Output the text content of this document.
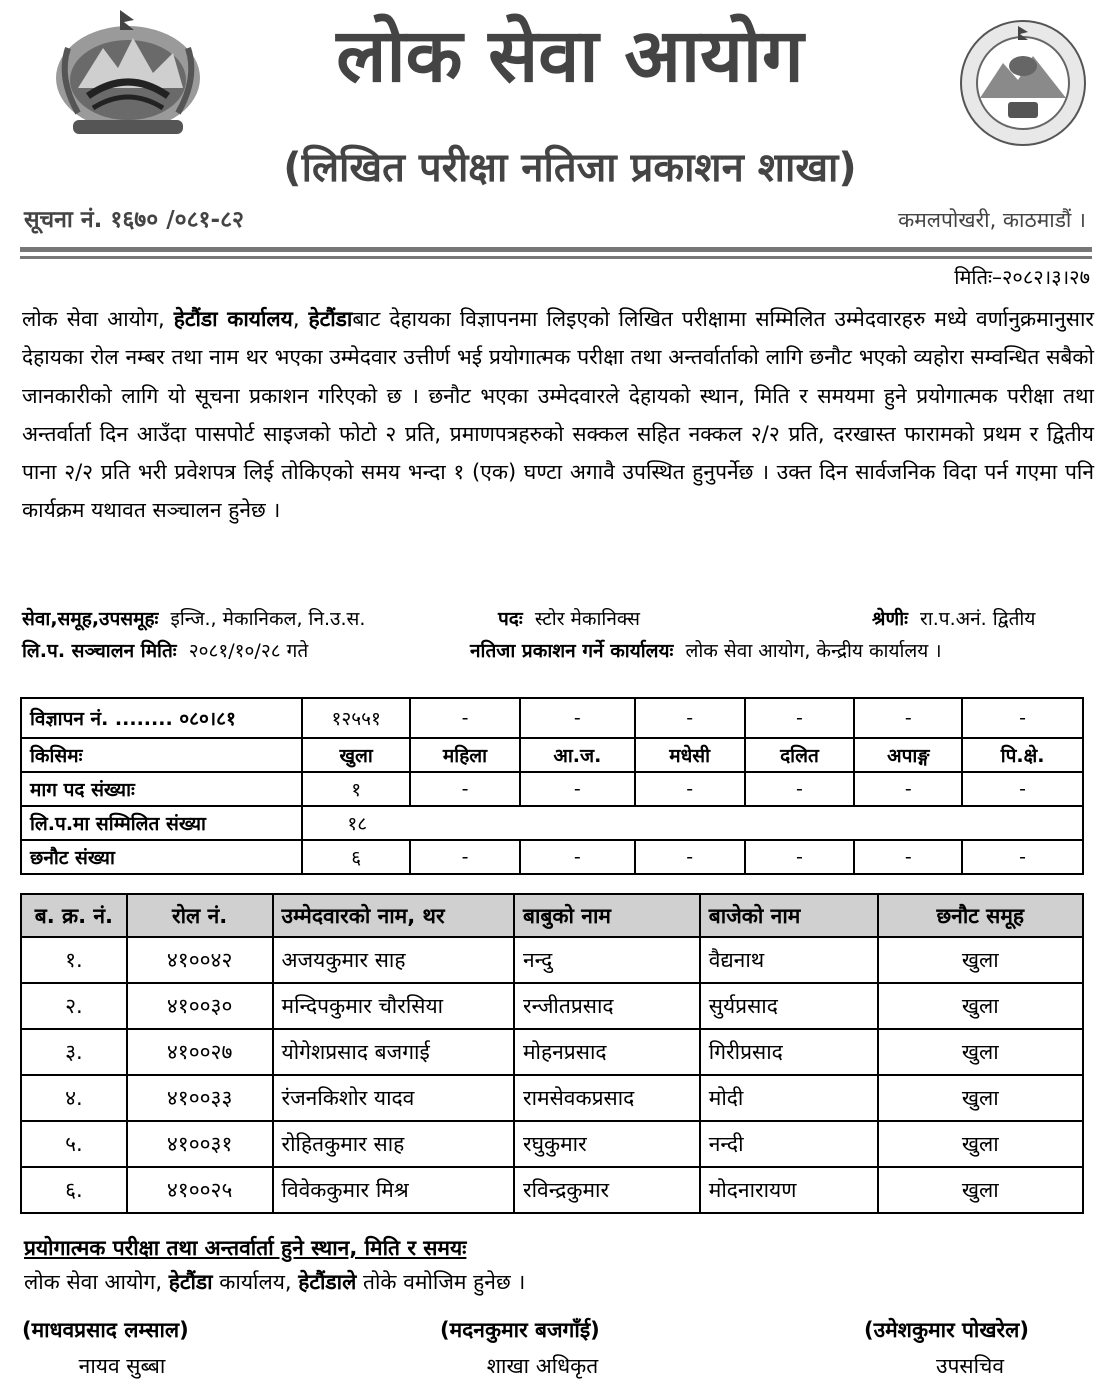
लोक सेवा आयोग
(लिखित परीक्षा नतिजा प्रकाशन शाखा)
सूचना नं. १६७० /०८१-८२	कमलपोखरी, काठमाडौं ।
मितिः–२०८२।३।२७
लोक सेवा आयोग, हेटौंडा कार्यालय, हेटौंडाबाट देहायका विज्ञापनमा लिइएको लिखित परीक्षामा सम्मिलित उम्मेदवारहरु मध्ये वर्णानुक्रमानुसार देहायका रोल नम्बर तथा नाम थर भएका उम्मेदवार उत्तीर्ण भई प्रयोगात्मक परीक्षा तथा अन्तर्वार्ताको लागि छनौट भएको व्यहोरा सम्वन्धित सबैको जानकारीको लागि यो सूचना प्रकाशन गरिएको छ । छनौट भएका उम्मेदवारले देहायको स्थान, मिति र समयमा हुने प्रयोगात्मक परीक्षा तथा अन्तर्वार्ता दिन आउँदा पासपोर्ट साइजको फोटो २ प्रति, प्रमाणपत्रहरुको सक्कल सहित नक्कल २/२ प्रति, दरखास्त फारामको प्रथम र द्वितीय पाना २/२ प्रति भरी प्रवेशपत्र लिई तोकिएको समय भन्दा १ (एक) घण्टा अगावै उपस्थित हुनुपर्नेछ । उक्त दिन सार्वजनिक विदा पर्न गएमा पनि कार्यक्रम यथावत सञ्चालन हुनेछ ।
सेवा,समूह,उपसमूहः इन्जि., मेकानिकल, नि.उ.स.	पदः स्टोर मेकानिक्स	श्रेणीः रा.प.अनं. द्वितीय
लि.प. सञ्चालन मितिः २०८१/१०/२८ गते	नतिजा प्रकाशन गर्ने कार्यालयः लोक सेवा आयोग, केन्द्रीय कार्यालय ।
विज्ञापन नं. ........ ०८०।८१	१२५५१	-	-	-	-	-	-
किसिमः	खुला	महिला	आ.ज.	मधेसी	दलित	अपाङ्ग	पि.क्षे.
माग पद संख्याः	१	-	-	-	-	-	-
लि.प.मा सम्मिलित संख्या	१८						
छनौट संख्या	६	-	-	-	-	-	-
ब. क्र. नं.	रोल नं.	उम्मेदवारको नाम, थर	बाबुको नाम	बाजेको नाम	छनौट समूह
१.	४१००४२	अजयकुमार साह	नन्दु	वैद्यनाथ	खुला
२.	४१००३०	मन्दिपकुमार चौरसिया	रन्जीतप्रसाद	सुर्यप्रसाद	खुला
३.	४१००२७	योगेशप्रसाद बजगाई	मोहनप्रसाद	गिरीप्रसाद	खुला
४.	४१००३३	रंजनकिशोर यादव	रामसेवकप्रसाद	मोदी	खुला
५.	४१००३१	रोहितकुमार साह	रघुकुमार	नन्दी	खुला
६.	४१००२५	विवेककुमार मिश्र	रविन्द्रकुमार	मोदनारायण	खुला
प्रयोगात्मक परीक्षा तथा अन्तर्वार्ता हुने स्थान, मिति र समयः
लोक सेवा आयोग, हेटौंडा कार्यालय, हेटौंडाले तोके वमोजिम हुनेछ ।
(माधवप्रसाद लम्साल)
नायव सुब्बा
(मदनकुमार बजगाँई)
शाखा अधिकृत
(उमेशकुमार पोखरेल)
उपसचिव
